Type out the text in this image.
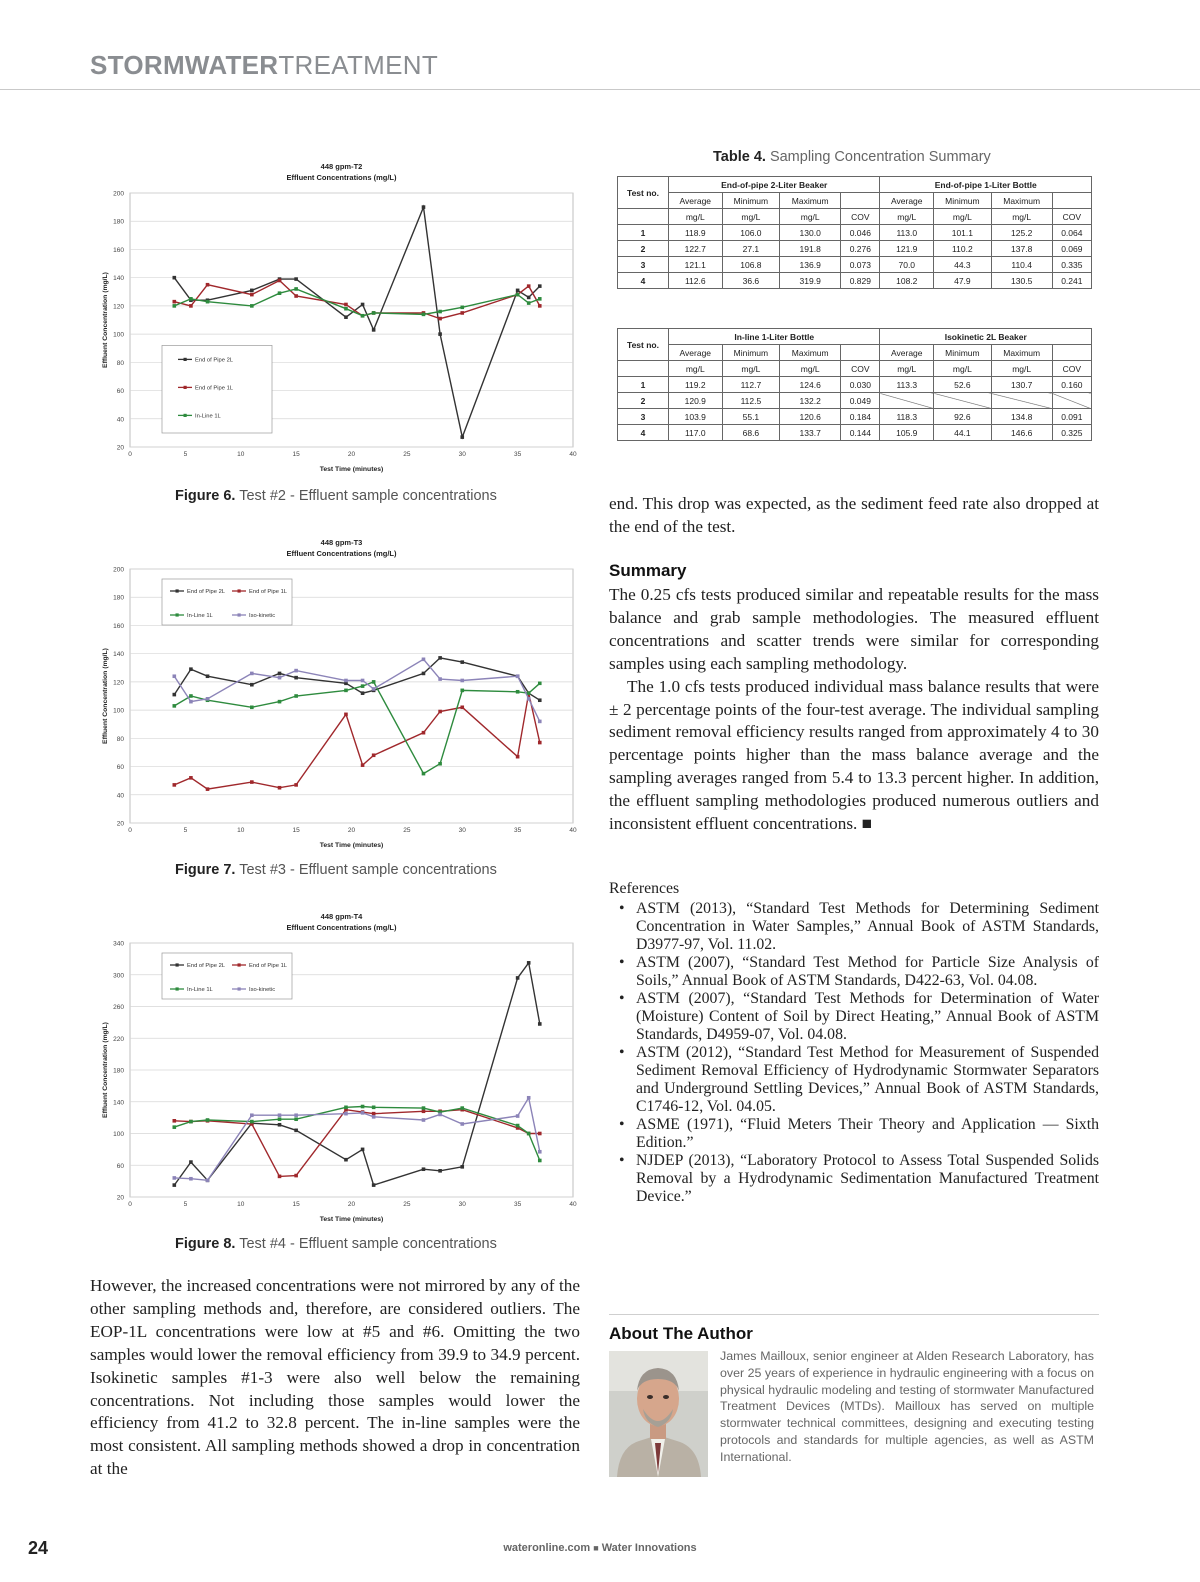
STORMWATERTREATMENT
448 gpm-T2
Effluent Concentrations (mg/L)
20
40
60
80
100
120
140
160
180
200
0	5	10	15	20	25	30	35	40
Test Time (minutes)
Effluent Concentration (mg/L)	End of Pipe 2L
End of Pipe 1L
In-Line 1L
Figure 6. Test #2 - Effluent sample concentrations
448 gpm-T3
Effluent Concentrations (mg/L)
20
40
60
80
100
120
140
160
180
200
0	5	10	15	20	25	30	35	40
Test Time (minutes)
Effluent Concentration (mg/L)
End of Pipe 2L	End of Pipe 1L
In-Line 1L	Iso-kinetic
Figure 7. Test #3 - Effluent sample concentrations
448 gpm-T4
Effluent Concentrations (mg/L)
20
60
100
140
180
220
260
300
340
0	5	10	15	20	25	30	35	40
Test Time (minutes)
Effluent Concentration (mg/L)
End of Pipe 2L	End of Pipe 1L
In-Line 1L	Iso-kinetic
Figure 8. Test #4 - Effluent sample concentrations
Table 4. Sampling Concentration Summary
Test no.	End-of-pipe 2-Liter Beaker				End-of-pipe 1-Liter Bottle			
	Average	Minimum	Maximum		Average	Minimum	Maximum	
	mg/L	mg/L	mg/L	COV	mg/L	mg/L	mg/L	COV
1	118.9	106.0	130.0	0.046	113.0	101.1	125.2	0.064
2	122.7	27.1	191.8	0.276	121.9	110.2	137.8	0.069
3	121.1	106.8	136.9	0.073	70.0	44.3	110.4	0.335
4	112.6	36.6	319.9	0.829	108.2	47.9	130.5	0.241
Test no.	In-line 1-Liter Bottle				Isokinetic 2L Beaker			
	Average	Minimum	Maximum		Average	Minimum	Maximum	
	mg/L	mg/L	mg/L	COV	mg/L	mg/L	mg/L	COV
1	119.2	112.7	124.6	0.030	113.3	52.6	130.7	0.160
2	120.9	112.5	132.2	0.049				
3	103.9	55.1	120.6	0.184	118.3	92.6	134.8	0.091
4	117.0	68.6	133.7	0.144	105.9	44.1	146.6	0.325

end. This drop was expected, as the sediment feed rate also dropped at the end of the test.

Summary

The 0.25 cfs tests produced similar and repeatable results for the mass balance and grab sample methodologies. The measured effluent concentrations and scatter trends were similar for corresponding samples using each sampling methodology.

The 1.0 cfs tests produced individual mass balance results that were ± 2 percentage points of the four-test average. The individual sampling sediment removal efficiency results ranged from approximately 4 to 30 percentage points higher than the mass balance average and the sampling averages ranged from 5.4 to 13.3 percent higher. In addition, the effluent sampling methodologies produced numerous outliers and inconsistent effluent concentrations. ■

References

• ASTM (2013), “Standard Test Methods for Determining Sediment Concentration in Water Samples,” Annual Book of ASTM Standards, D3977-97, Vol. 11.02.
• ASTM (2007), “Standard Test Method for Particle Size Analysis of Soils,” Annual Book of ASTM Standards, D422-63, Vol. 04.08.
• ASTM (2007), “Standard Test Methods for Determination of Water (Moisture) Content of Soil by Direct Heating,” Annual Book of ASTM Standards, D4959-07, Vol. 04.08.
• ASTM (2012), “Standard Test Method for Measurement of Suspended Sediment Removal Efficiency of Hydrodynamic Stormwater Separators and Underground Settling Devices,” Annual Book of ASTM Standards, C1746-12, Vol. 04.05.
• ASME (1971), “Fluid Meters Their Theory and Application — Sixth Edition.”
• NJDEP (2013), “Laboratory Protocol to Assess Total Suspended Solids Removal by a Hydrodynamic Sedimentation Manufactured Treatment Device.”
About The Author
James Mailloux, senior engineer at Alden Research Laboratory, has over 25 years of experience in hydraulic engineering with a focus on physical hydraulic modeling and testing of stormwater Manufactured Treatment Devices (MTDs). Mailloux has served on multiple stormwater technical committees, designing and executing testing protocols and standards for multiple agencies, as well as ASTM International.

However, the increased concentrations were not mirrored by any of the other sampling methods and, therefore, are considered outliers. The EOP-1L concentrations were low at #5 and #6. Omitting the two samples would lower the removal efficiency from 39.9 to 34.9 percent. Isokinetic samples #1-3 were also well below the remaining concentrations. Not including those samples would lower the efficiency from 41.2 to 32.8 percent. The in-line samples were the most consistent. All sampling methods showed a drop in concentration at the

24	wateronline.com ■ Water Innovations
